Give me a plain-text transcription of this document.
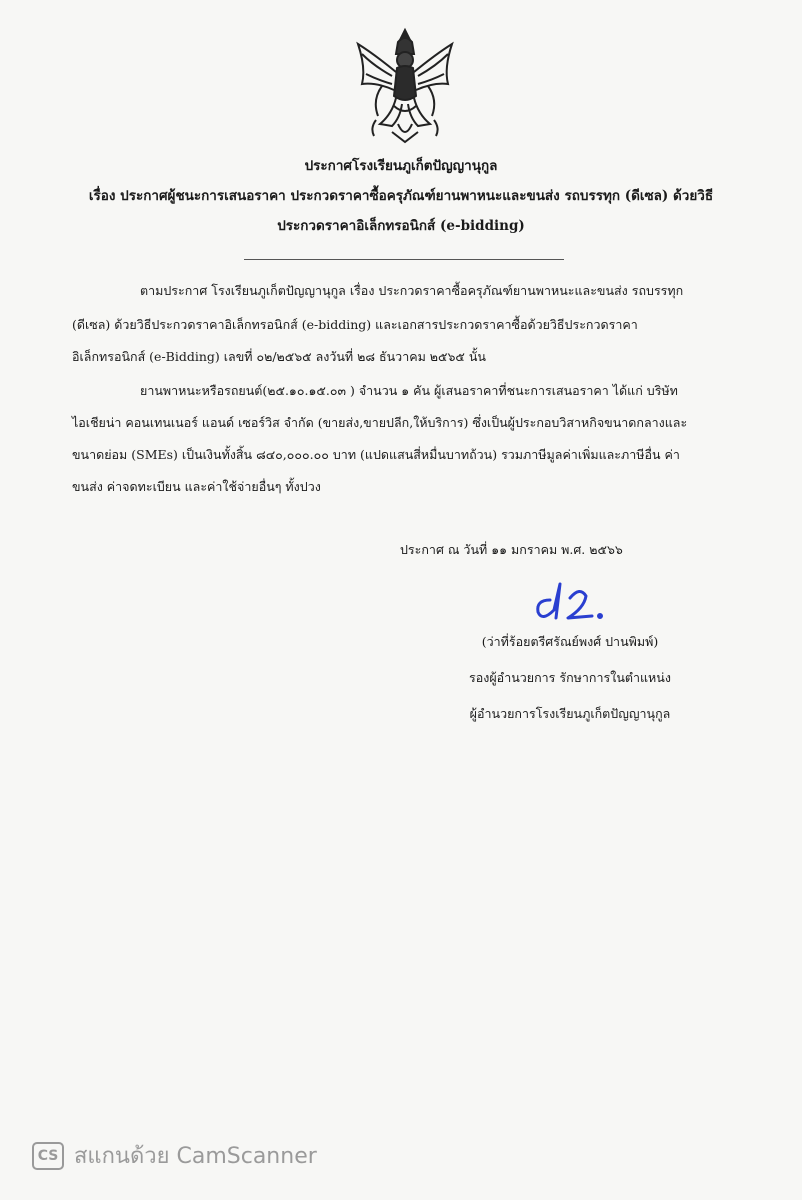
ประกาศโรงเรียนภูเก็ตปัญญานุกูล
เรื่อง ประกาศผู้ชนะการเสนอราคา ประกวดราคาซื้อครุภัณฑ์ยานพาหนะและขนส่ง รถบรรทุก (ดีเซล) ด้วยวิธี
ประกวดราคาอิเล็กทรอนิกส์ (e-bidding)
ตามประกาศ โรงเรียนภูเก็ตปัญญานุกูล เรื่อง ประกวดราคาซื้อครุภัณฑ์ยานพาหนะและขนส่ง รถบรรทุก
(ดีเซล) ด้วยวิธีประกวดราคาอิเล็กทรอนิกส์ (e-bidding) และเอกสารประกวดราคาซื้อด้วยวิธีประกวดราคา
อิเล็กทรอนิกส์ (e-Bidding) เลขที่ ๐๒/๒๕๖๕ ลงวันที่ ๒๘ ธันวาคม ๒๕๖๕ นั้น
ยานพาหนะหรือรถยนต์(๒๕.๑๐.๑๕.๐๓ ) จำนวน ๑ คัน ผู้เสนอราคาที่ชนะการเสนอราคา ได้แก่ บริษัท
ไอเชียน่า คอนเทนเนอร์ แอนด์ เซอร์วิส จำกัด (ขายส่ง,ขายปลีก,ให้บริการ) ซึ่งเป็นผู้ประกอบวิสาหกิจขนาดกลางและ
ขนาดย่อม (SMEs) เป็นเงินทั้งสิ้น ๘๔๐,๐๐๐.๐๐ บาท (แปดแสนสี่หมื่นบาทถ้วน) รวมภาษีมูลค่าเพิ่มและภาษีอื่น ค่า
ขนส่ง ค่าจดทะเบียน และค่าใช้จ่ายอื่นๆ ทั้งปวง
ประกาศ ณ วันที่ ๑๑ มกราคม พ.ศ. ๒๕๖๖
(ว่าที่ร้อยตรีศรัณย์พงศ์ ปานพิมพ์)
รองผู้อำนวยการ รักษาการในตำแหน่ง
ผู้อำนวยการโรงเรียนภูเก็ตปัญญานุกูล
CS สแกนด้วย CamScanner
